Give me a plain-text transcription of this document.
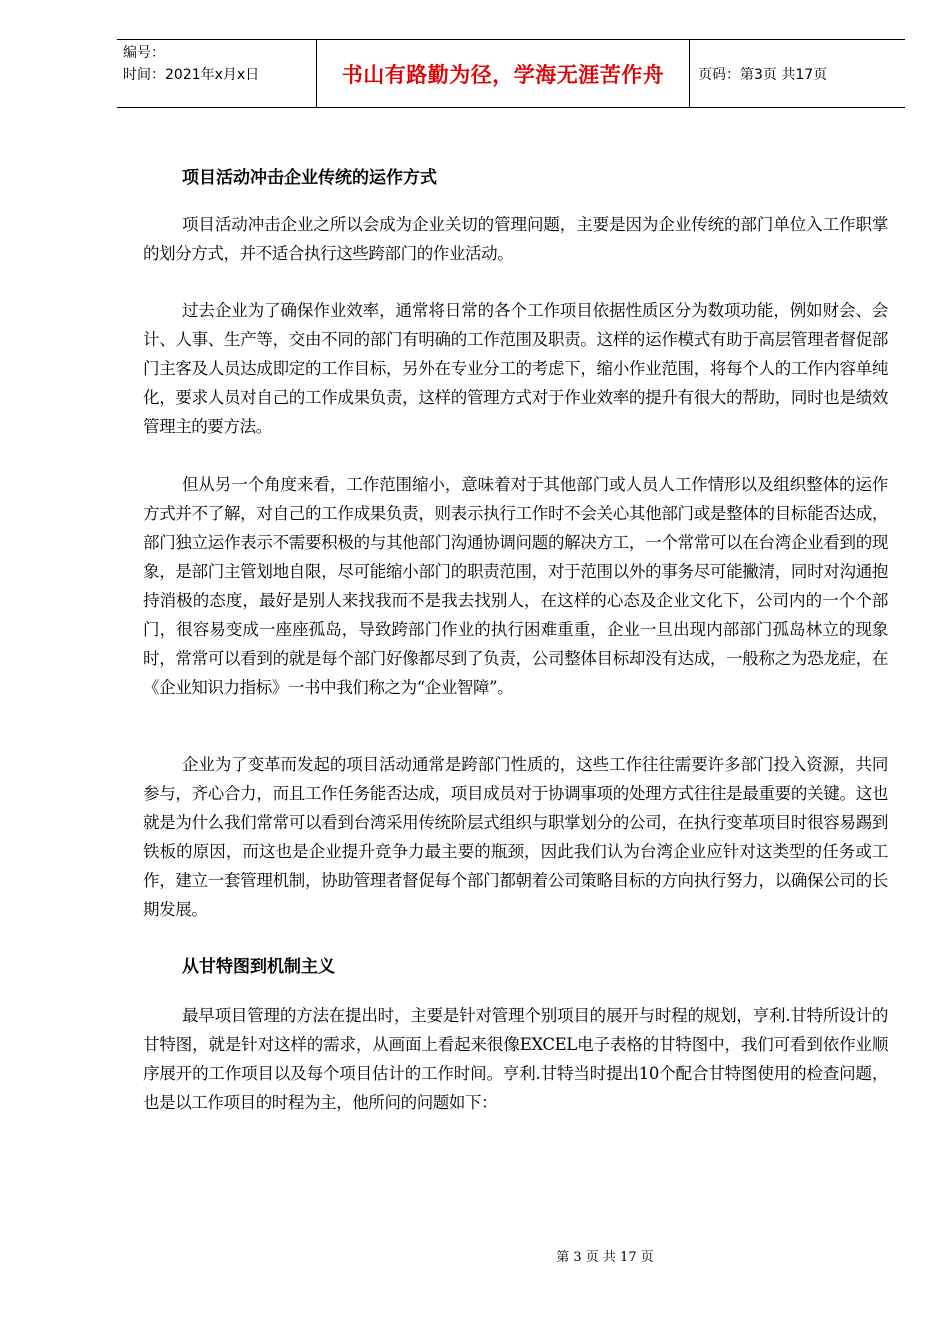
编号：
时间：2021年x月x日	书山有路勤为径，学海无涯苦作舟	页码：第3页 共17页
项目活动冲击企业传统的运作方式

项目活动冲击企业之所以会成为企业关切的管理问题，主要是因为企业传统的部门单位入工作职掌的划分方式，并不适合执行这些跨部门的作业活动。

过去企业为了确保作业效率，通常将日常的各个工作项目依据性质区分为数项功能，例如财会、会计、人事、生产等，交由不同的部门有明确的工作范围及职责。这样的运作模式有助于高层管理者督促部门主客及人员达成即定的工作目标，另外在专业分工的考虑下，缩小作业范围，将每个人的工作内容单纯化，要求人员对自己的工作成果负责，这样的管理方式对于作业效率的提升有很大的帮助，同时也是绩效管理主的要方法。

但从另一个角度来看，工作范围缩小，意味着对于其他部门或人员人工作情形以及组织整体的运作方式并不了解，对自己的工作成果负责，则表示执行工作时不会关心其他部门或是整体的目标能否达成，部门独立运作表示不需要积极的与其他部门沟通协调问题的解决方工，一个常常可以在台湾企业看到的现象，是部门主管划地自限，尽可能缩小部门的职责范围，对于范围以外的事务尽可能撇清，同时对沟通抱持消极的态度，最好是别人来找我而不是我去找别人，在这样的心态及企业文化下，公司内的一个个部门，很容易变成一座座孤岛，导致跨部门作业的执行困难重重，企业一旦出现内部部门孤岛林立的现象时，常常可以看到的就是每个部门好像都尽到了负责，公司整体目标却没有达成，一般称之为恐龙症，在《企业知识力指标》一书中我们称之为“企业智障”。

企业为了变革而发起的项目活动通常是跨部门性质的，这些工作往往需要许多部门投入资源，共同参与，齐心合力，而且工作任务能否达成，项目成员对于协调事项的处理方式往往是最重要的关键。这也就是为什么我们常常可以看到台湾采用传统阶层式组织与职掌划分的公司，在执行变革项目时很容易踢到铁板的原因，而这也是企业提升竞争力最主要的瓶颈，因此我们认为台湾企业应针对这类型的任务或工作，建立一套管理机制，协助管理者督促每个部门都朝着公司策略目标的方向执行努力，以确保公司的长期发展。

从甘特图到机制主义

最早项目管理的方法在提出时，主要是针对管理个别项目的展开与时程的规划，亨利.甘特所设计的甘特图，就是针对这样的需求，从画面上看起来很像EXCEL电子表格的甘特图中，我们可看到依作业顺序展开的工作项目以及每个项目估计的工作时间。亨利.甘特当时提出10个配合甘特图使用的检查问题，也是以工作项目的时程为主，他所问的问题如下：

第 3 页 共 17 页
